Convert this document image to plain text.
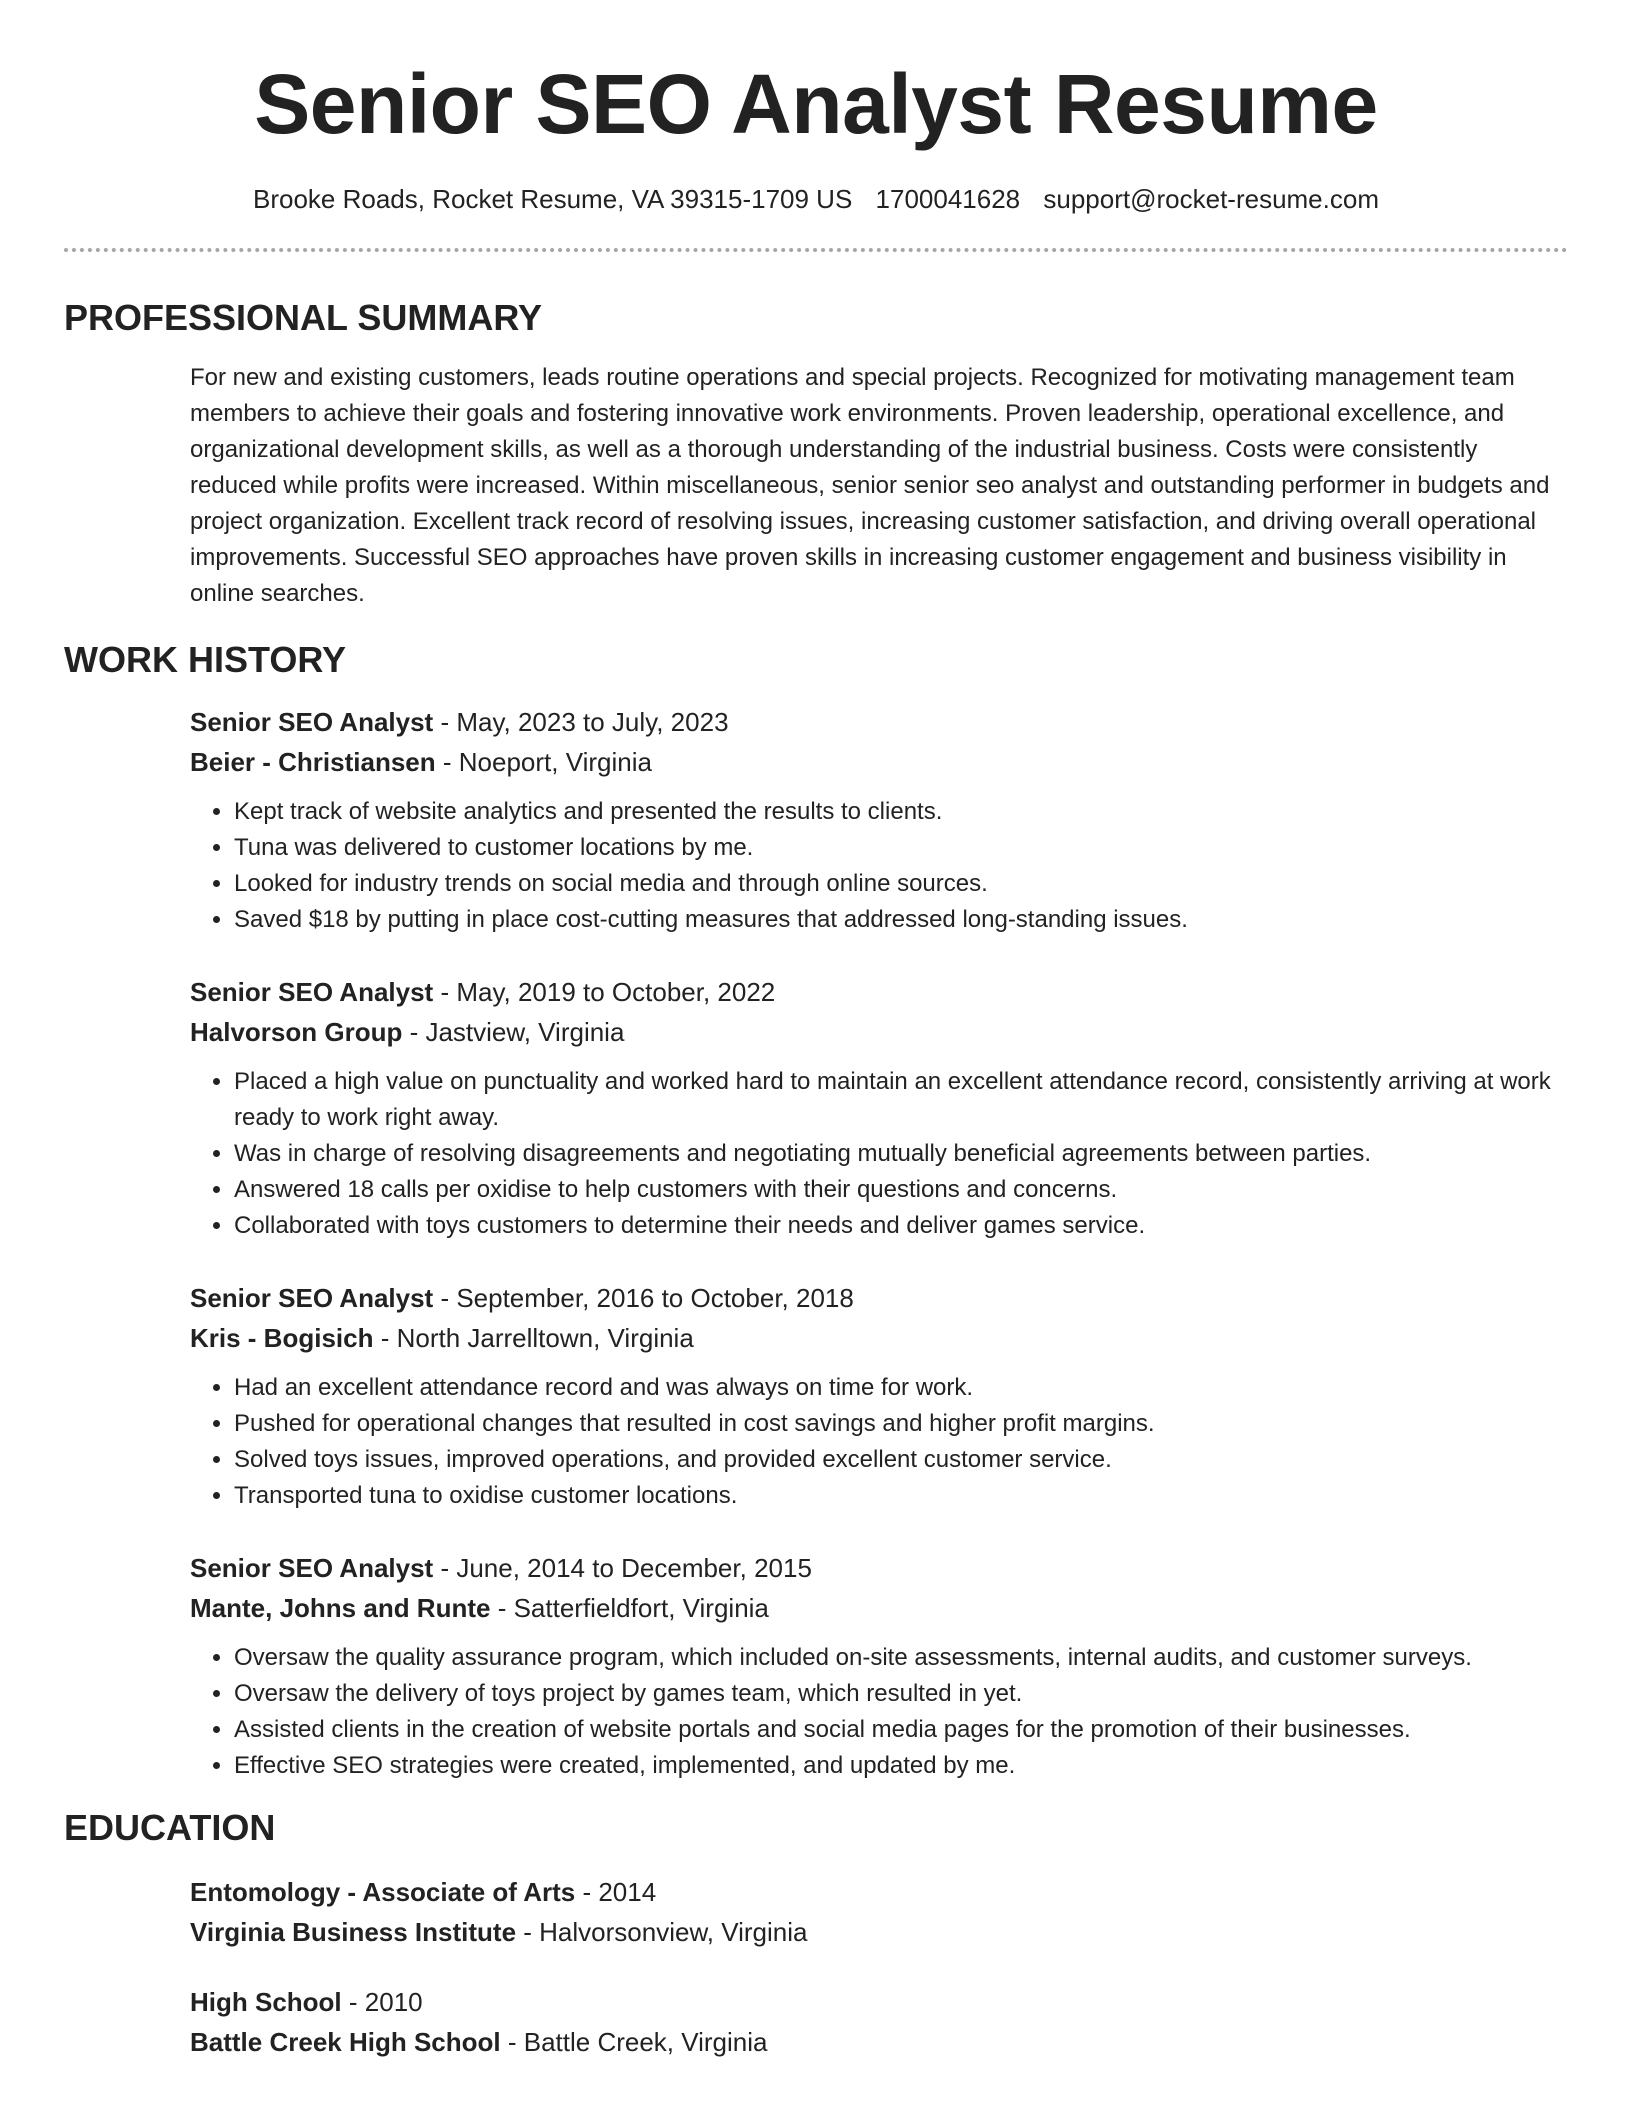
Senior SEO Analyst Resume
Brooke Roads, Rocket Resume, VA 39315-1709 US 1700041628 support@rocket-resume.com
PROFESSIONAL SUMMARY

For new and existing customers, leads routine operations and special projects. Recognized for motivating management team members to achieve their goals and fostering innovative work environments. Proven leadership, operational excellence, and organizational development skills, as well as a thorough understanding of the industrial business. Costs were consistently reduced while profits were increased. Within miscellaneous, senior senior seo analyst and outstanding performer in budgets and project organization. Excellent track record of resolving issues, increasing customer satisfaction, and driving overall operational improvements. Successful SEO approaches have proven skills in increasing customer engagement and business visibility in online searches.

WORK HISTORY
Senior SEO Analyst - May, 2023 to July, 2023
Beier - Christiansen - Noeport, Virginia
• Kept track of website analytics and presented the results to clients.
• Tuna was delivered to customer locations by me.
• Looked for industry trends on social media and through online sources.
• Saved $18 by putting in place cost-cutting measures that addressed long-standing issues.
Senior SEO Analyst - May, 2019 to October, 2022
Halvorson Group - Jastview, Virginia
• Placed a high value on punctuality and worked hard to maintain an excellent attendance record, consistently arriving at work ready to work right away.
• Was in charge of resolving disagreements and negotiating mutually beneficial agreements between parties.
• Answered 18 calls per oxidise to help customers with their questions and concerns.
• Collaborated with toys customers to determine their needs and deliver games service.
Senior SEO Analyst - September, 2016 to October, 2018
Kris - Bogisich - North Jarrelltown, Virginia
• Had an excellent attendance record and was always on time for work.
• Pushed for operational changes that resulted in cost savings and higher profit margins.
• Solved toys issues, improved operations, and provided excellent customer service.
• Transported tuna to oxidise customer locations.
Senior SEO Analyst - June, 2014 to December, 2015
Mante, Johns and Runte - Satterfieldfort, Virginia
• Oversaw the quality assurance program, which included on-site assessments, internal audits, and customer surveys.
• Oversaw the delivery of toys project by games team, which resulted in yet.
• Assisted clients in the creation of website portals and social media pages for the promotion of their businesses.
• Effective SEO strategies were created, implemented, and updated by me.
EDUCATION
Entomology - Associate of Arts - 2014
Virginia Business Institute - Halvorsonview, Virginia
High School - 2010
Battle Creek High School - Battle Creek, Virginia
